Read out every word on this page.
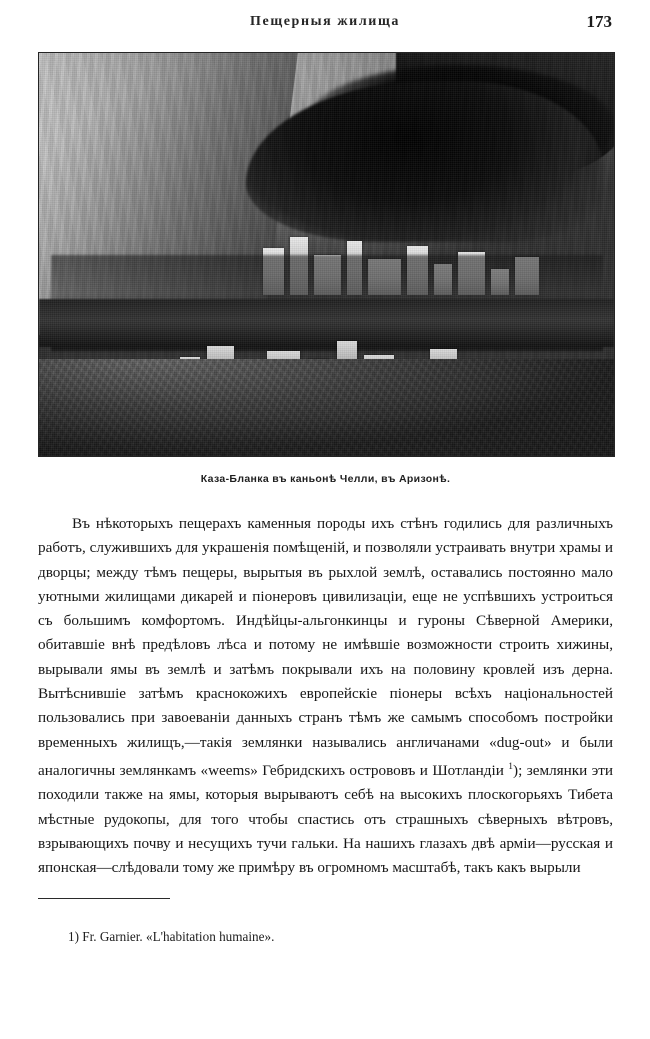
Пещерныя жилища	173
Каза-Бланка въ каньонѣ Челли, въ Аризонѣ.

Въ нѣкоторыхъ пещерахъ каменныя породы ихъ стѣнъ годились для различныхъ работъ, служившихъ для украшенія помѣщеній, и позволяли устраивать внутри храмы и дворцы; между тѣмъ пещеры, вырытыя въ рыхлой землѣ, оставались постоянно мало уютными жилищами дикарей и піонеровъ цивилизаціи, еще не успѣвшихъ устроиться съ большимъ комфортомъ. Индѣйцы-альгонкинцы и гуроны Сѣверной Америки, обитавшіе внѣ предѣловъ лѣса и потому не имѣвшіе возможности строить хижины, вырывали ямы въ землѣ и затѣмъ покрывали ихъ на половину кровлей изъ дерна. Вытѣснившіе затѣмъ краснокожихъ европейскіе піонеры всѣхъ національностей пользовались при завоеваніи данныхъ странъ тѣмъ же самымъ способомъ постройки временныхъ жилищъ,—такія землянки назывались англичанами «dug-out» и были аналогичны землянкамъ «weems» Гебридскихъ острововъ и Шотландіи $^1$); землянки эти походили также на ямы, которыя вырываютъ себѣ на высокихъ плоскогорьяхъ Тибета мѣстные рудокопы, для того чтобы спастись отъ страшныхъ сѣверныхъ вѣтровъ, взрывающихъ почву и несущихъ тучи гальки. На нашихъ глазахъ двѣ арміи—русская и японская—слѣдовали тому же примѣру въ огромномъ масштабѣ, такъ какъ вырыли

1) Fr. Garnier. «L'habitation humaine».
